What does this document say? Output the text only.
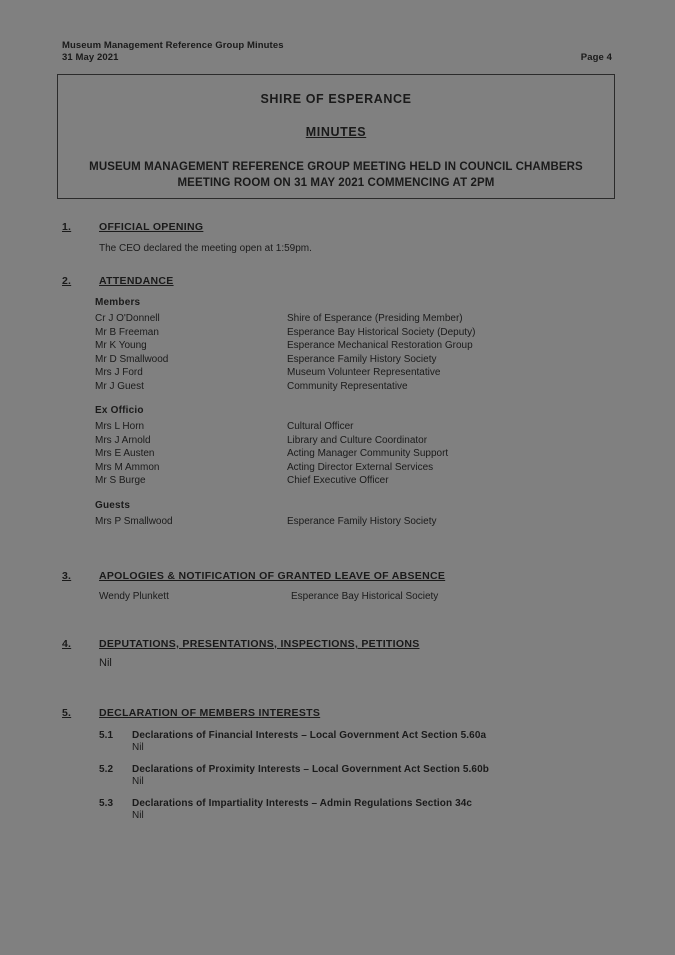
Museum Management Reference Group Minutes
31 May 2021	Page 4
SHIRE OF ESPERANCE
MINUTES
MUSEUM MANAGEMENT REFERENCE GROUP MEETING HELD IN COUNCIL CHAMBERS MEETING ROOM ON 31 MAY 2021 COMMENCING AT 2PM
1.	OFFICIAL OPENING
The CEO declared the meeting open at 1:59pm.
2.	ATTENDANCE
Members
Cr J O'Donnell	Shire of Esperance (Presiding Member)
Mr B Freeman	Esperance Bay Historical Society (Deputy)
Mr K Young	Esperance Mechanical Restoration Group
Mr D Smallwood	Esperance Family History Society
Mrs J Ford	Museum Volunteer Representative
Mr J Guest	Community Representative

Ex Officio
Mrs L Horn	Cultural Officer
Mrs J Arnold	Library and Culture Coordinator
Mrs E Austen	Acting Manager Community Support
Mrs M Ammon	Acting Director External Services
Mr S Burge	Chief Executive Officer

Guests
Mrs P Smallwood	Esperance Family History Society
3.	APOLOGIES & NOTIFICATION OF GRANTED LEAVE OF ABSENCE
Wendy Plunkett	Esperance Bay Historical Society
4.	DEPUTATIONS, PRESENTATIONS, INSPECTIONS, PETITIONS
Nil
5.	DECLARATION OF MEMBERS INTERESTS
5.1	Declarations of Financial Interests – Local Government Act Section 5.60a
Nil
5.2	Declarations of Proximity Interests – Local Government Act Section 5.60b
Nil
5.3	Declarations of Impartiality Interests – Admin Regulations Section 34c
Nil
